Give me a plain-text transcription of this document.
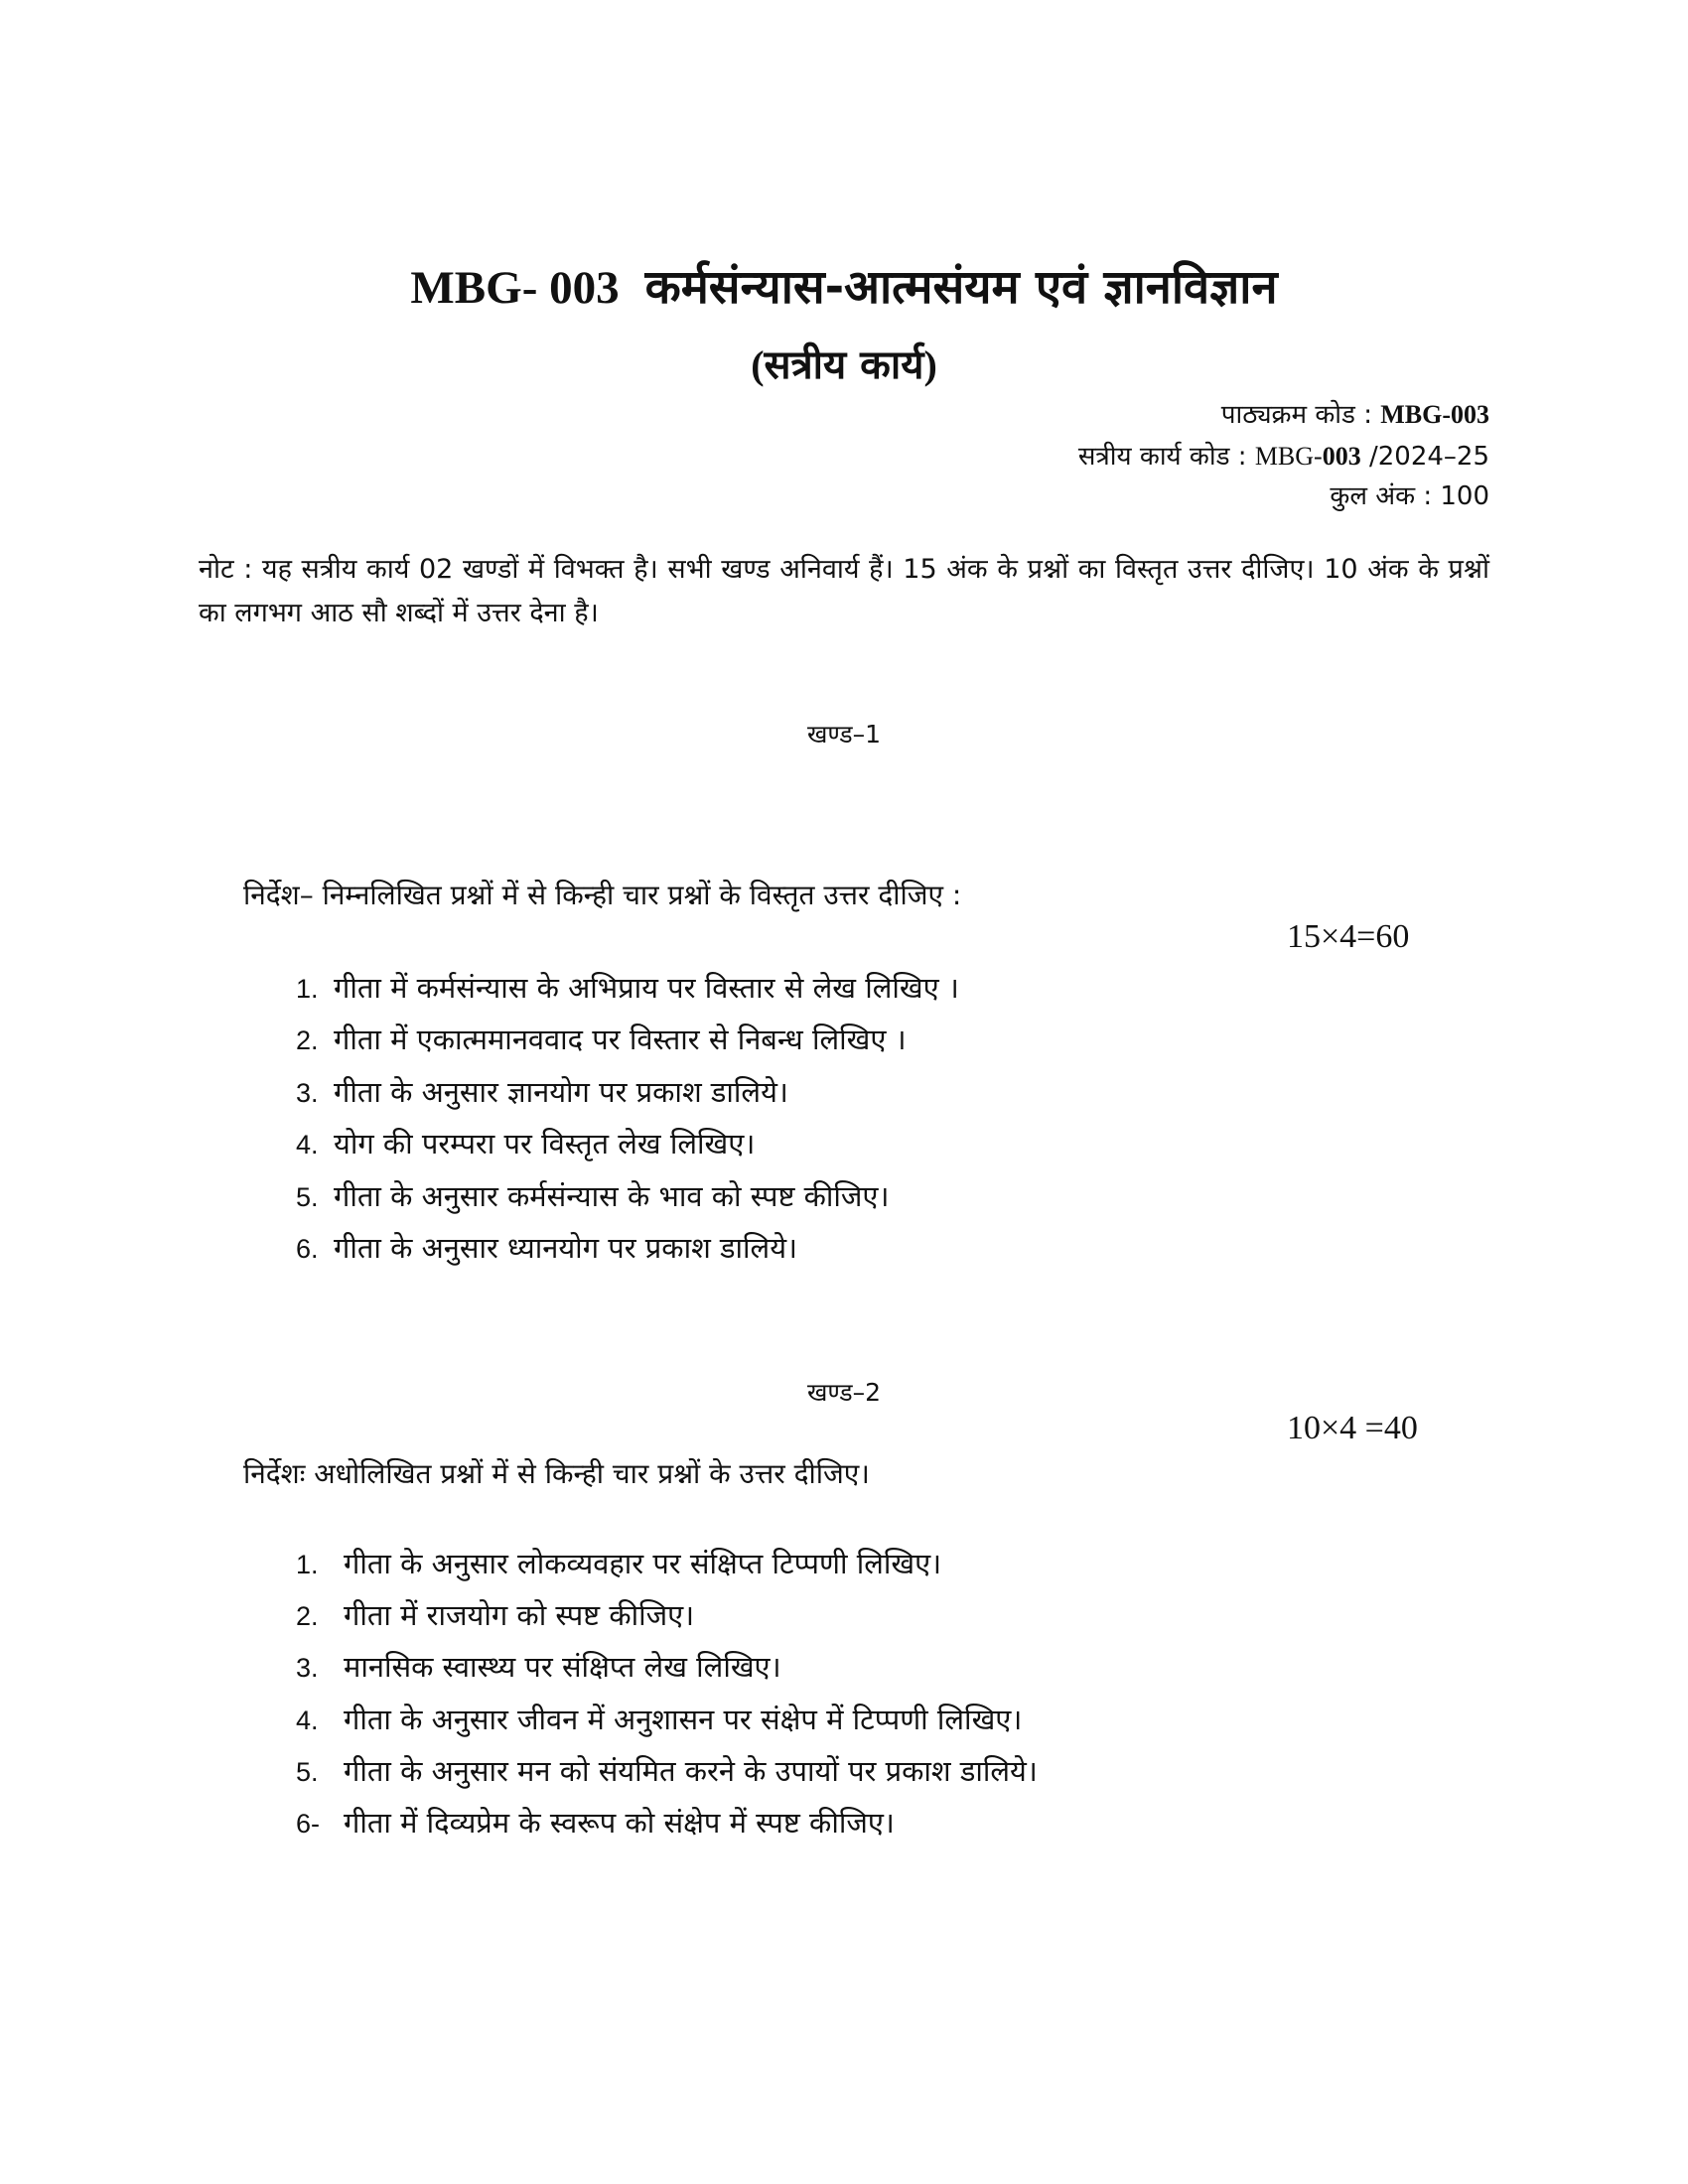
MBG- 003 कर्मसंन्यास-आत्मसंयम एवं ज्ञानविज्ञान
(सत्रीय कार्य)
पाठ्यक्रम कोड : MBG-003
सत्रीय कार्य कोड : MBG-003 /2024–25
कुल अंक : 100
नोट : यह सत्रीय कार्य 02 खण्डों में विभक्त है। सभी खण्ड अनिवार्य हैं। 15 अंक के प्रश्नों का विस्तृत उत्तर दीजिए। 10 अंक के प्रश्नों का लगभग आठ सौ शब्दों में उत्तर देना है।
खण्ड–1
निर्देश– निम्नलिखित प्रश्नों में से किन्ही चार प्रश्नों के विस्तृत उत्तर दीजिए :
15×4=60
1. गीता में कर्मसंन्यास के अभिप्राय पर विस्तार से लेख लिखिए ।
2. गीता में एकात्ममानववाद पर विस्तार से निबन्ध लिखिए ।
3. गीता के अनुसार ज्ञानयोग पर प्रकाश डालिये।
4. योग की परम्परा पर विस्तृत लेख लिखिए।
5. गीता के अनुसार कर्मसंन्यास के भाव को स्पष्ट कीजिए।
6. गीता के अनुसार ध्यानयोग पर प्रकाश डालिये।
खण्ड–2
10×4 =40
निर्देशः अधोलिखित प्रश्नों में से किन्ही चार प्रश्नों के उत्तर दीजिए।
1. गीता के अनुसार लोकव्यवहार पर संक्षिप्त टिप्पणी लिखिए।
2. गीता में राजयोग को स्पष्ट कीजिए।
3. मानसिक स्वास्थ्य पर संक्षिप्त लेख लिखिए।
4. गीता के अनुसार जीवन में अनुशासन पर संक्षेप में टिप्पणी लिखिए।
5. गीता के अनुसार मन को संयमित करने के उपायों पर प्रकाश डालिये।
6- गीता में दिव्यप्रेम के स्वरूप को संक्षेप में स्पष्ट कीजिए।
